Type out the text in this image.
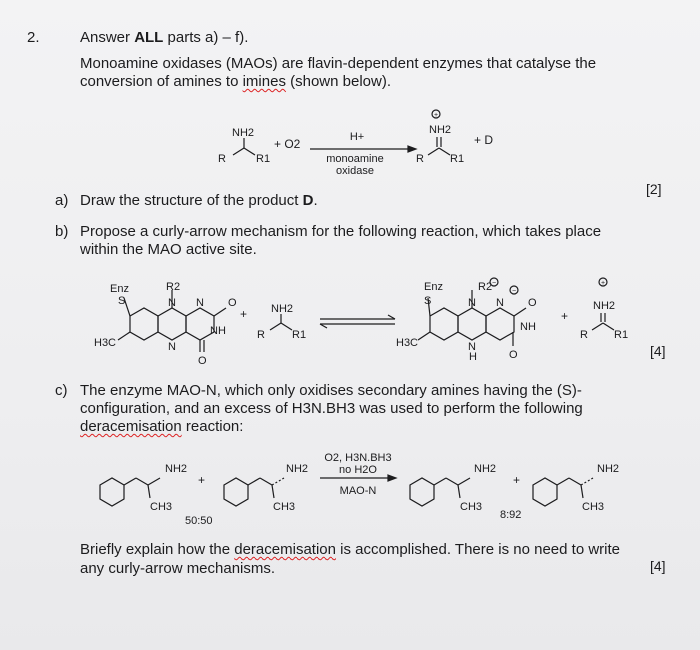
2.	Answer ALL parts a) – f).
Monoamine oxidases (MAOs) are flavin-dependent enzymes that catalyse the
conversion of amines to imines (shown below).
+
NH2
R	R1
+ O2	H+
monoamine
oxidase
NH2
R R1
+ D
a) Draw the structure of the product D.
[2]
b) Propose a curly-arrow mechanism for the following reaction, which takes place
within the MAO active site.
−
−	+
Enz
S
R2
N N O
NH
N
O
H3C
+ NH2
R R1
Enz
S
R2
N N O
NH
N
H	O
H3C
+
NH2
R R1
[4]
c) The enzyme MAO-N, which only oxidises secondary amines having the (S)-
configuration, and an excess of H3N.BH3 was used to perform the following
deracemisation reaction:
NH2
CH3
+
NH2
CH3
O2, H3N.BH3
no H2O
MAO-N
NH2
CH3
+
NH2
CH3
50:50	8:92
Briefly explain how the deracemisation is accomplished. There is no need to write
any curly-arrow mechanisms.	[4]
